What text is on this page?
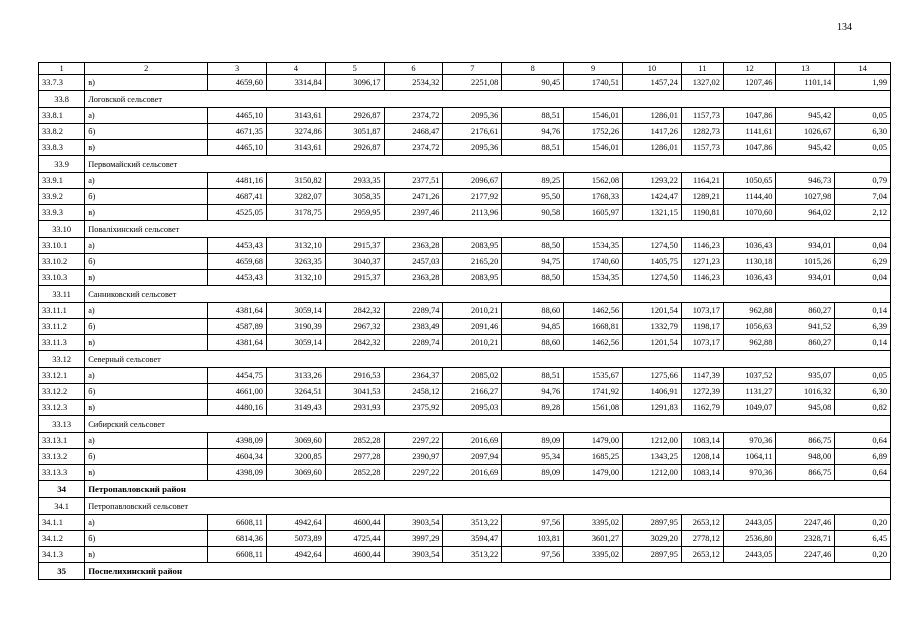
134
1	2	3	4	5	6	7	8	9	10	11	12	13	14
33.7.3	в)	4659,60	3314,84	3096,17	2534,32	2251,08	90,45	1740,51	1457,24	1327,02	1207,46	1101,14	1,99
33.8	Логовской сельсовет												
33.8.1	а)	4465,10	3143,61	2926,87	2374,72	2095,36	88,51	1546,01	1286,01	1157,73	1047,86	945,42	0,05
33.8.2	б)	4671,35	3274,86	3051,87	2468,47	2176,61	94,76	1752,26	1417,26	1282,73	1141,61	1026,67	6,30
33.8.3	в)	4465,10	3143,61	2926,87	2374,72	2095,36	88,51	1546,01	1286,01	1157,73	1047,86	945,42	0,05
33.9	Первомайский сельсовет												
33.9.1	а)	4481,16	3150,82	2933,35	2377,51	2096,67	89,25	1562,08	1293,22	1164,21	1050,65	946,73	0,79
33.9.2	б)	4687,41	3282,07	3058,35	2471,26	2177,92	95,50	1768,33	1424,47	1289,21	1144,40	1027,98	7,04
33.9.3	в)	4525,05	3178,75	2959,95	2397,46	2113,96	90,58	1605,97	1321,15	1190,81	1070,60	964,02	2,12
33.10	Поваліхинский сельсовет												
33.10.1	а)	4453,43	3132,10	2915,37	2363,28	2083,95	88,50	1534,35	1274,50	1146,23	1036,43	934,01	0,04
33.10.2	б)	4659,68	3263,35	3040,37	2457,03	2165,20	94,75	1740,60	1405,75	1271,23	1130,18	1015,26	6,29
33.10.3	в)	4453,43	3132,10	2915,37	2363,28	2083,95	88,50	1534,35	1274,50	1146,23	1036,43	934,01	0,04
33.11	Санниковский сельсовет												
33.11.1	а)	4381,64	3059,14	2842,32	2289,74	2010,21	88,60	1462,56	1201,54	1073,17	962,88	860,27	0,14
33.11.2	б)	4587,89	3190,39	2967,32	2383,49	2091,46	94,85	1668,81	1332,79	1198,17	1056,63	941,52	6,39
33.11.3	в)	4381,64	3059,14	2842,32	2289,74	2010,21	88,60	1462,56	1201,54	1073,17	962,88	860,27	0,14
33.12	Северный сельсовет												
33.12.1	а)	4454,75	3133,26	2916,53	2364,37	2085,02	88,51	1535,67	1275,66	1147,39	1037,52	935,07	0,05
33.12.2	б)	4661,00	3264,51	3041,53	2458,12	2166,27	94,76	1741,92	1406,91	1272,39	1131,27	1016,32	6,30
33.12.3	в)	4480,16	3149,43	2931,93	2375,92	2095,03	89,28	1561,08	1291,83	1162,79	1049,07	945,08	0,82
33.13	Сибирский сельсовет												
33.13.1	а)	4398,09	3069,60	2852,28	2297,22	2016,69	89,09	1479,00	1212,00	1083,14	970,36	866,75	0,64
33.13.2	б)	4604,34	3200,85	2977,28	2390,97	2097,94	95,34	1685,25	1343,25	1208,14	1064,11	948,00	6,89
33.13.3	в)	4398,09	3069,60	2852,28	2297,22	2016,69	89,09	1479,00	1212,00	1083,14	970,36	866,75	0,64
34	Петропавловский район												
34.1	Петропавловский сельсовет												
34.1.1	а)	6608,11	4942,64	4600,44	3903,54	3513,22	97,56	3395,02	2897,95	2653,12	2443,05	2247,46	0,20
34.1.2	б)	6814,36	5073,89	4725,44	3997,29	3594,47	103,81	3601,27	3029,20	2778,12	2536,80	2328,71	6,45
34.1.3	в)	6608,11	4942,64	4600,44	3903,54	3513,22	97,56	3395,02	2897,95	2653,12	2443,05	2247,46	0,20
35	Поспелихинский район												
